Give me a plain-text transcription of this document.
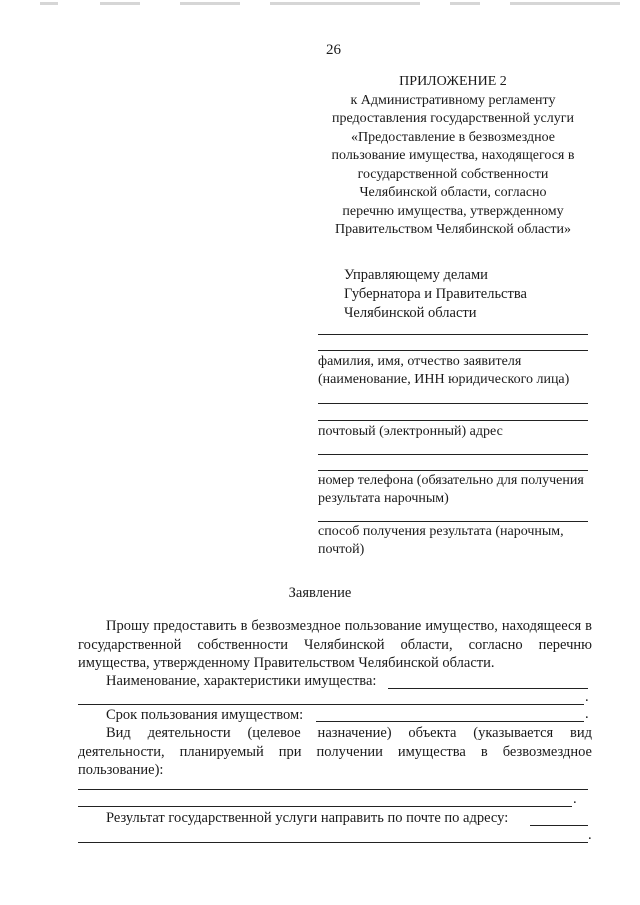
26
ПРИЛОЖЕНИЕ 2
к Административному регламенту
предоставления государственной услуги
«Предоставление в безвозмездное
пользование имущества, находящегося в
государственной собственности
Челябинской области, согласно
перечню имущества, утвержденному
Правительством Челябинской области»
Управляющему делами
Губернатора и Правительства
Челябинской области
фамилия, имя, отчество заявителя (наименование, ИНН юридического лица)
почтовый (электронный) адрес
номер телефона (обязательно для получения результата нарочным)
способ получения результата (нарочным, почтой)
Заявление
Прошу предоставить в безвозмездное пользование имущество, находящееся в государственной собственности Челябинской области, согласно перечню имущества, утвержденному Правительством Челябинской области.
Наименование, характеристики имущества:
.
Срок пользования имуществом:	.
Вид деятельности (целевое назначение) объекта (указывается вид деятельности, планируемый при получении имущества в безвозмездное пользование):
.
Результат государственной услуги направить по почте по адресу:
.
